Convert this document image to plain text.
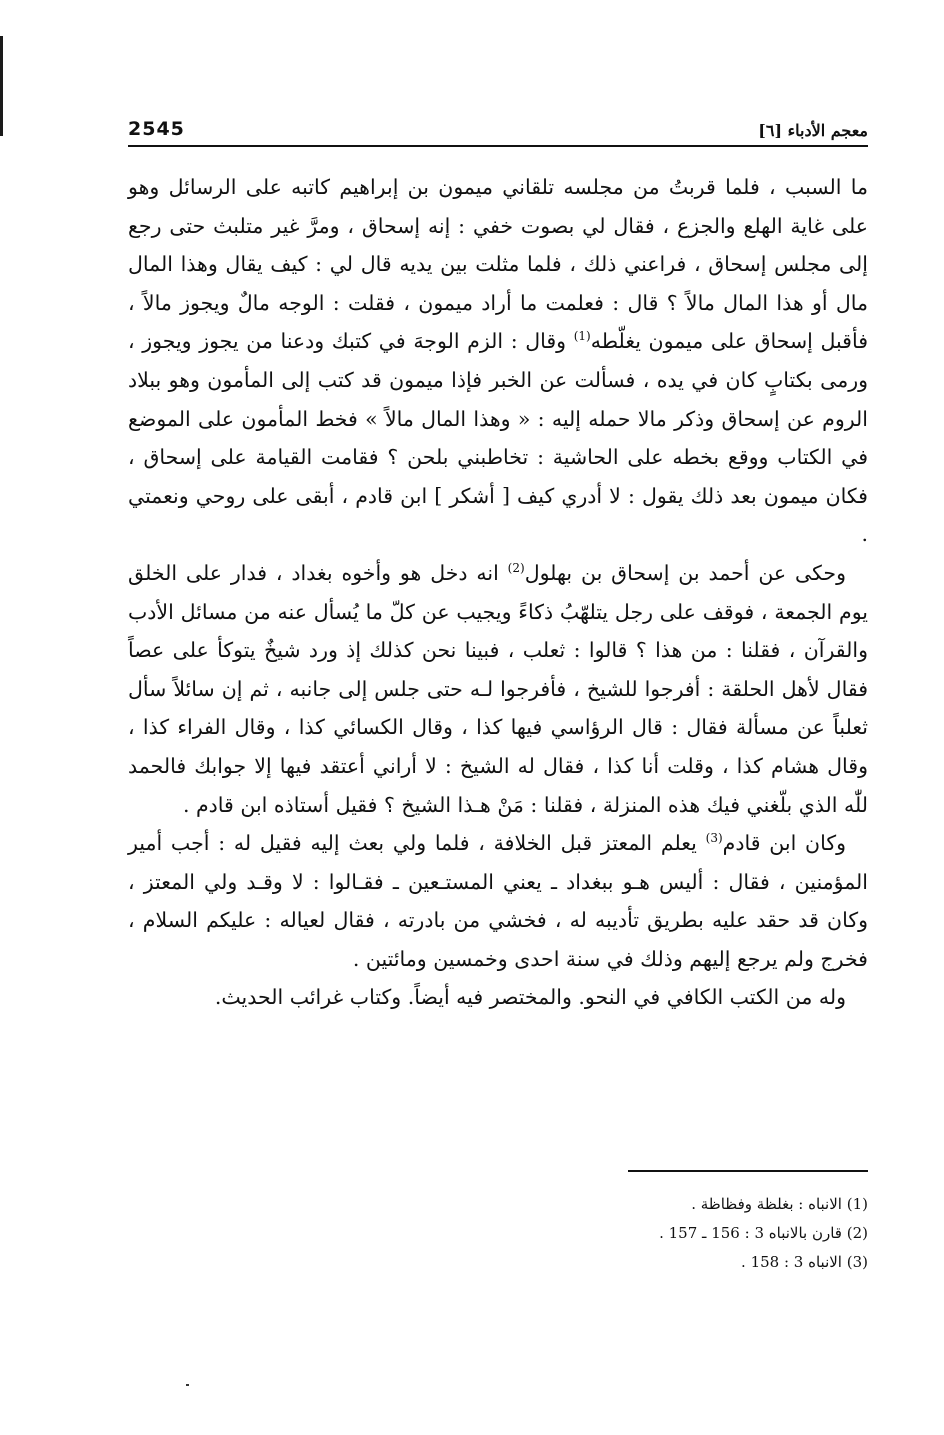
2545	معجم الأدباء [٦]

ما السبب ، فلما قربتُ من مجلسه تلقاني ميمون بن إبراهيم كاتبه على الرسائل وهو على غاية الهلع والجزع ، فقال لي بصوت خفي : إنه إسحاق ، ومرَّ غير متلبث حتى رجع إلى مجلس إسحاق ، فراعني ذلك ، فلما مثلت بين يديه قال لي : كيف يقال وهذا المال مال أو هذا المال مالاً ؟ قال : فعلمت ما أراد ميمون ، فقلت : الوجه مالٌ ويجوز مالاً ، فأقبل إسحاق على ميمون يغلّطه$^{(1)}$ وقال : الزم الوجهَ في كتبك ودعنا من يجوز ويجوز ، ورمى بكتابٍ كان في يده ، فسألت عن الخبر فإذا ميمون قد كتب إلى المأمون وهو ببلاد الروم عن إسحاق وذكر مالا حمله إليه : « وهذا المال مالاً » فخط المأمون على الموضع في الكتاب ووقع بخطه على الحاشية : تخاطبني بلحن ؟ فقامت القيامة على إسحاق ، فكان ميمون بعد ذلك يقول : لا أدري كيف [ أشكر ] ابن قادم ، أبقى على روحي ونعمتي .

وحكى عن أحمد بن إسحاق بن بهلول$^{(2)}$ انه دخل هو وأخوه بغداد ، فدار على الخلق يوم الجمعة ، فوقف على رجل يتلهّبُ ذكاءً ويجيب عن كلّ ما يُسأل عنه من مسائل الأدب والقرآن ، فقلنا : من هذا ؟ قالوا : ثعلب ، فبينا نحن كذلك إذ ورد شيخٌ يتوكأ على عصاً فقال لأهل الحلقة : أفرجوا للشيخ ، فأفرجوا لـه حتى جلس إلى جانبه ، ثم إن سائلاً سأل ثعلباً عن مسألة فقال : قال الرؤاسي فيها كذا ، وقال الكسائي كذا ، وقال الفراء كذا ، وقال هشام كذا ، وقلت أنا كذا ، فقال له الشيخ : لا أراني أعتقد فيها إلا جوابك فالحمد للّٰه الذي بلّغني فيك هذه المنزلة ، فقلنا : مَنْ هـذا الشيخ ؟ فقيل أستاذه ابن قادم .

وكان ابن قادم$^{(3)}$ يعلم المعتز قبل الخلافة ، فلما ولي بعث إليه فقيل له : أجب أمير المؤمنين ، فقال : أليس هـو ببغداد ـ يعني المستـعين ـ فقـالوا : لا وقـد ولي المعتز ، وكان قد حقد عليه بطريق تأديبه له ، فخشي من بادرته ، فقال لعياله : عليكم السلام ، فخرج ولم يرجع إليهم وذلك في سنة احدى وخمسين ومائتين .

وله من الكتب الكافي في النحو. والمختصر فيه أيضاً. وكتاب غرائب الحديث.

(1) الانباه : بغلظة وفظاظة .
(2) قارن بالانباه 3 : 156 ـ 157 .
(3) الانباه 3 : 158 .
